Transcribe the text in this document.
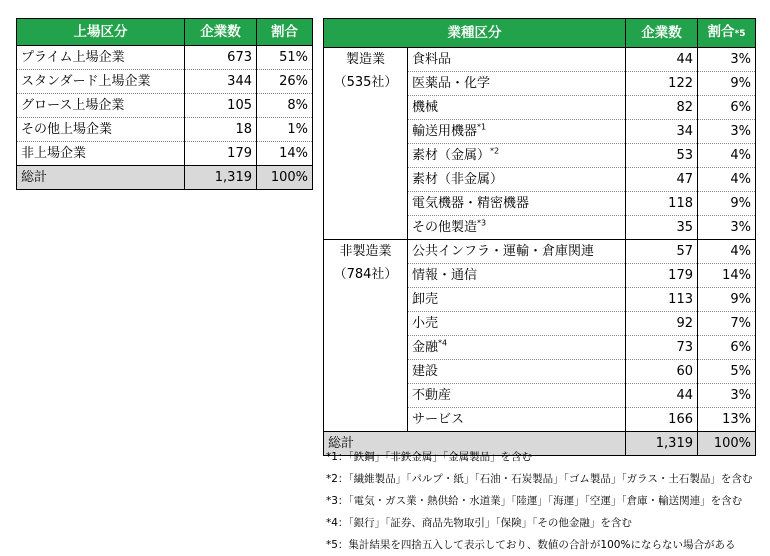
上場区分	企業数	割合
プライム上場企業	673	51%
スタンダード上場企業	344	26%
グロース上場企業	105	8%
その他上場企業	18	1%
非上場企業	179	14%
総計	1,319	100%
業種区分		企業数	割合*5

製造業
（535社）	食料品	44	3%
	医薬品・化学	122	9%
	機械	82	6%
	輸送用機器$^{*1}$	34	3%
	素材（金属）$^{*2}$	53	4%
	素材（非金属）	47	4%
	電気機器・精密機器	118	9%
	その他製造$^{*3}$	35	3%

非製造業
（784社）	公共インフラ・運輸・倉庫関連	57	4%
	情報・通信	179	14%
	卸売	113	9%
	小売	92	7%
	金融$^{*4}$	73	6%
	建設	60	5%
	不動産	44	3%
	サービス	166	13%
総計		1,319	100%
*1：「鉄鋼」「非鉄金属」「金属製品」を含む
*2：「繊維製品」「パルプ・紙」「石油・石炭製品」「ゴム製品」「ガラス・土石製品」を含む
*3：「電気・ガス業・熱供給・水道業」「陸運」「海運」「空運」「倉庫・輸送関連」を含む
*4：「銀行」「証券、商品先物取引」「保険」「その他金融」を含む
*5：集計結果を四捨五入して表示しており、数値の合計が100%にならない場合がある
